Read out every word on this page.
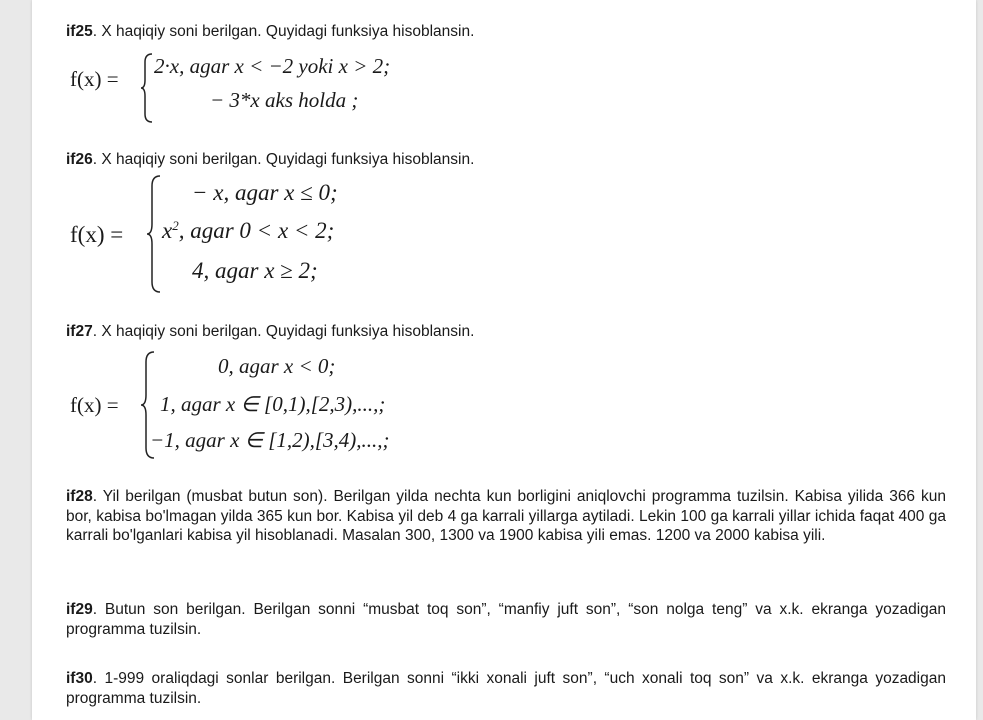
if25. X haqiqiy soni berilgan. Quyidagi funksiya hisoblansin.
f(x) =
2·x, agar x < −2 yoki x > 2;
− 3*x aks holda ;
if26. X haqiqiy soni berilgan. Quyidagi funksiya hisoblansin.
f(x) =
− x, agar x ≤ 0;
$x^2$, agar 0 < x < 2;
4, agar x ≥ 2;
if27. X haqiqiy soni berilgan. Quyidagi funksiya hisoblansin.
f(x) =
0, agar x < 0;
1, agar x ∈ [0,1),[2,3),...,;
−1, agar x ∈ [1,2),[3,4),...,;
if28. Yil berilgan (musbat butun son). Berilgan yilda nechta kun borligini aniqlovchi programma tuzilsin. Kabisa yilida 366 kun bor, kabisa bo'lmagan yilda 365 kun bor. Kabisa yil deb 4 ga karrali yillarga aytiladi. Lekin 100 ga karrali yillar ichida faqat 400 ga karrali bo'lganlari kabisa yil hisoblanadi. Masalan 300, 1300 va 1900 kabisa yili emas. 1200 va 2000 kabisa yili.
if29. Butun son berilgan. Berilgan sonni “musbat toq son”, “manfiy juft son”, “son nolga teng” va x.k. ekranga yozadigan programma tuzilsin.
if30. 1-999 oraliqdagi sonlar berilgan. Berilgan sonni “ikki xonali juft son”, “uch xonali toq son” va x.k. ekranga yozadigan programma tuzilsin.
